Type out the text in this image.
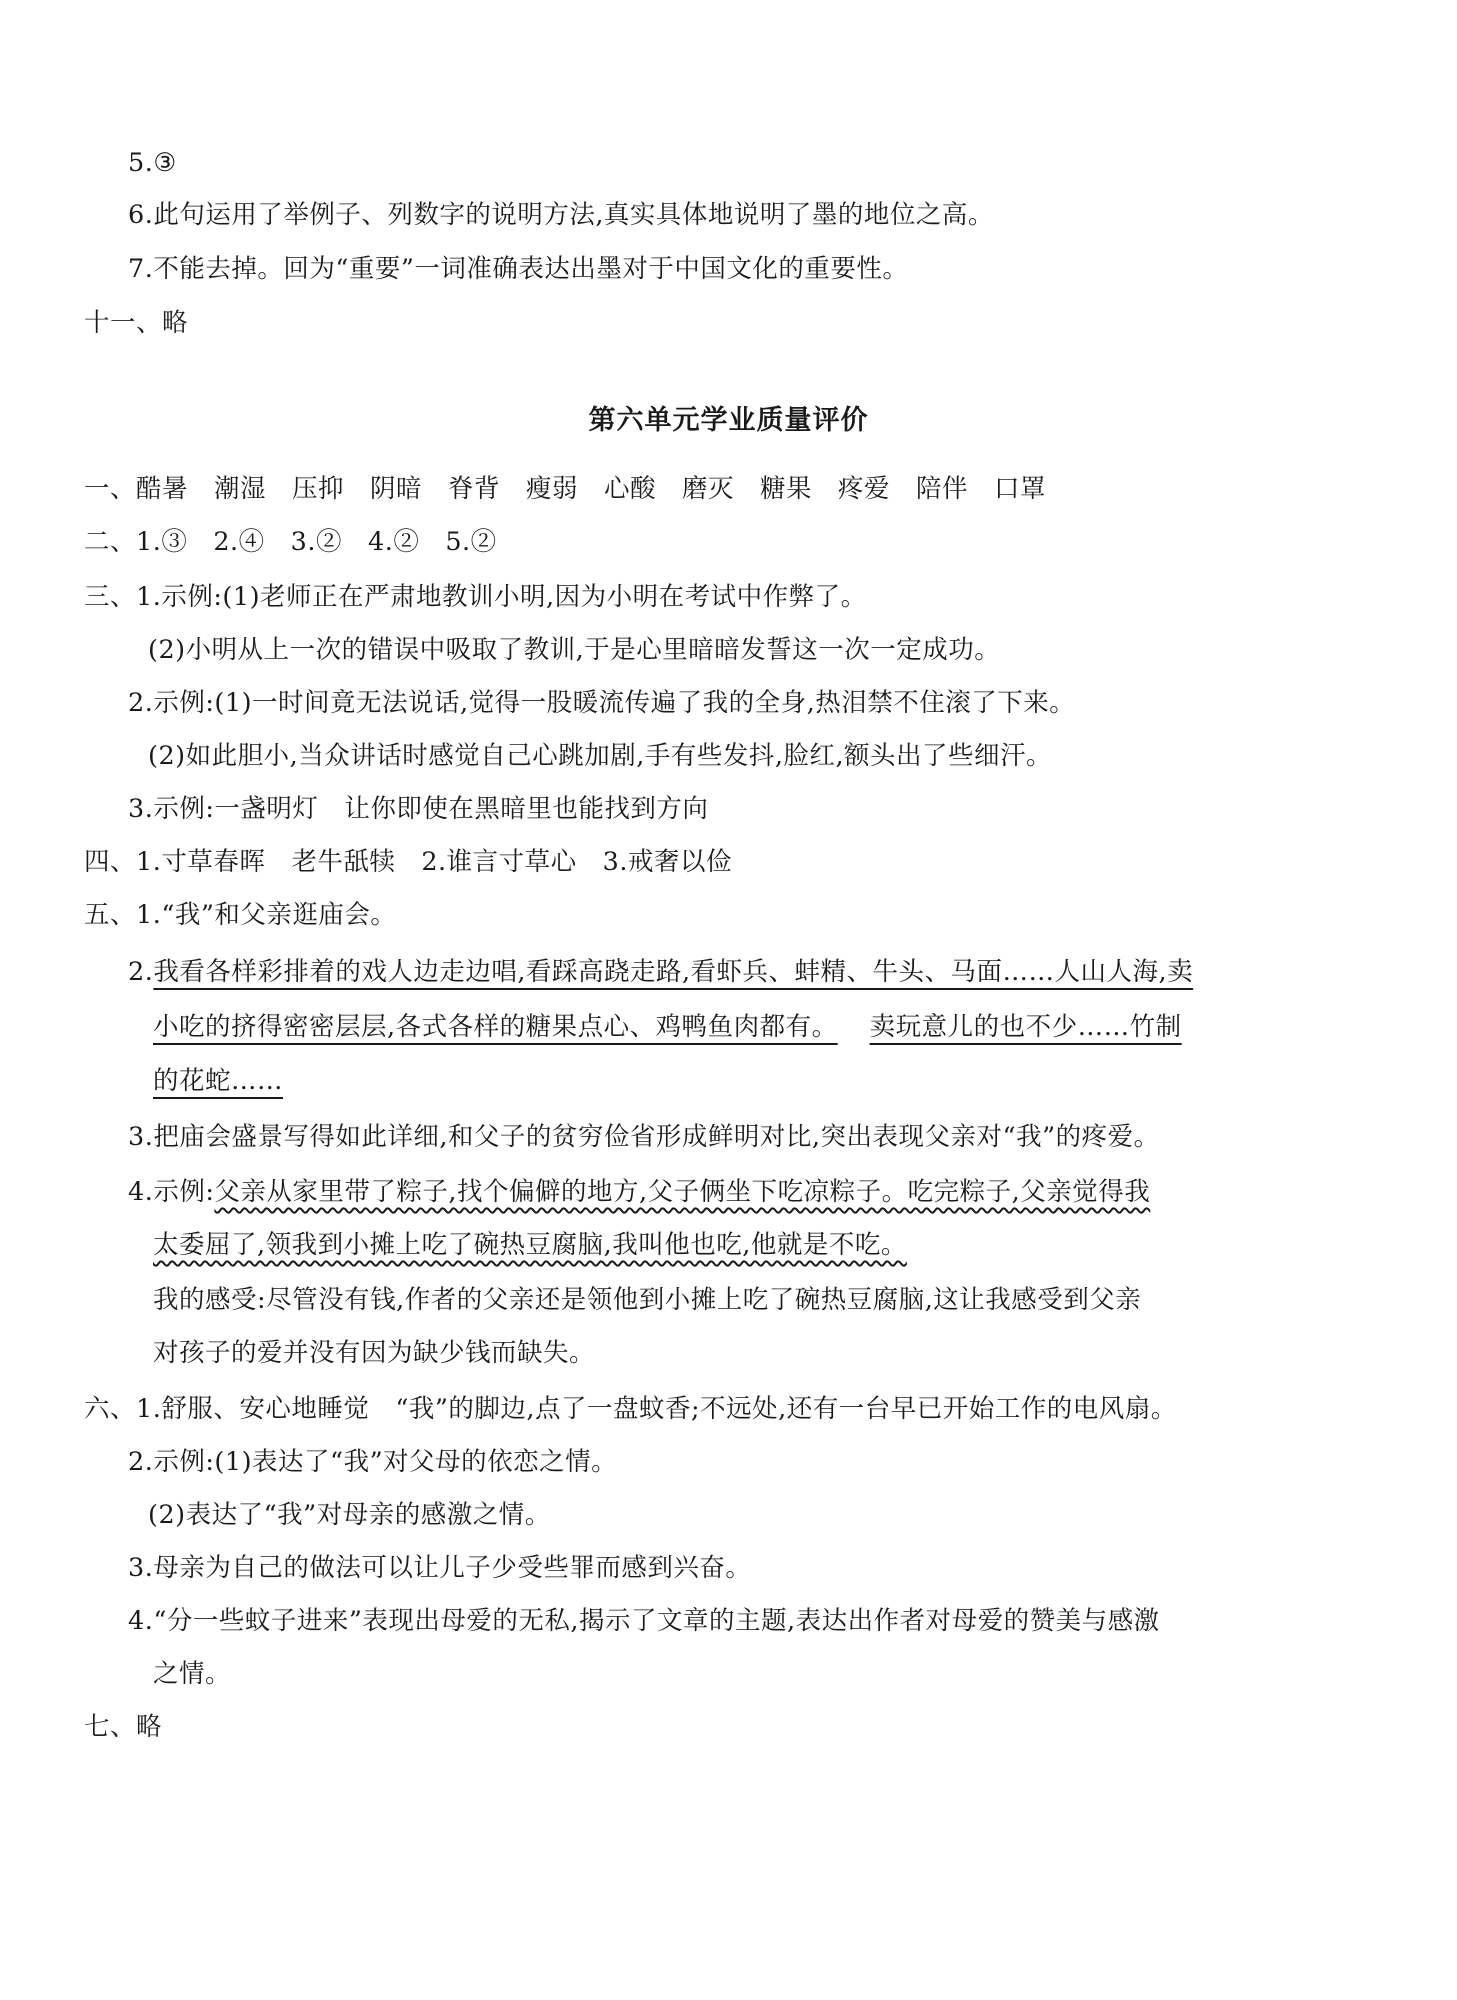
5.③
6.此句运用了举例子、列数字的说明方法,真实具体地说明了墨的地位之高。
7.不能去掉。回为“重要”一词准确表达出墨对于中国文化的重要性。
十一、略
第六单元学业质量评价
一、酷暑　潮湿　压抑　阴暗　脊背　瘦弱　心酸　磨灭　糖果　疼爱　陪伴　口罩
二、1.③　2.④　3.②　4.②　5.②
三、1.示例:(1)老师正在严肃地教训小明,因为小明在考试中作弊了。
(2)小明从上一次的错误中吸取了教训,于是心里暗暗发誓这一次一定成功。
2.示例:(1)一时间竟无法说话,觉得一股暖流传遍了我的全身,热泪禁不住滚了下来。
(2)如此胆小,当众讲话时感觉自己心跳加剧,手有些发抖,脸红,额头出了些细汗。
3.示例:一盏明灯　让你即使在黑暗里也能找到方向
四、1.寸草春晖　老牛舐犊　2.谁言寸草心　3.戒奢以俭
五、1.“我”和父亲逛庙会。
2.我看各样彩排着的戏人边走边唱,看踩高跷走路,看虾兵、蚌精、牛头、马面……人山人海,卖
小吃的挤得密密层层,各式各样的糖果点心、鸡鸭鱼肉都有。 卖玩意儿的也不少……竹制
的花蛇……
3.把庙会盛景写得如此详细,和父子的贫穷俭省形成鲜明对比,突出表现父亲对“我”的疼爱。
4.示例:父亲从家里带了粽子,找个偏僻的地方,父子俩坐下吃凉粽子。吃完粽子,父亲觉得我
太委屈了,领我到小摊上吃了碗热豆腐脑,我叫他也吃,他就是不吃。
我的感受:尽管没有钱,作者的父亲还是领他到小摊上吃了碗热豆腐脑,这让我感受到父亲
对孩子的爱并没有因为缺少钱而缺失。
六、1.舒服、安心地睡觉　“我”的脚边,点了一盘蚊香;不远处,还有一台早已开始工作的电风扇。
2.示例:(1)表达了“我”对父母的依恋之情。
(2)表达了“我”对母亲的感激之情。
3.母亲为自己的做法可以让儿子少受些罪而感到兴奋。
4.“分一些蚊子进来”表现出母爱的无私,揭示了文章的主题,表达出作者对母爱的赞美与感激
之情。
七、略
